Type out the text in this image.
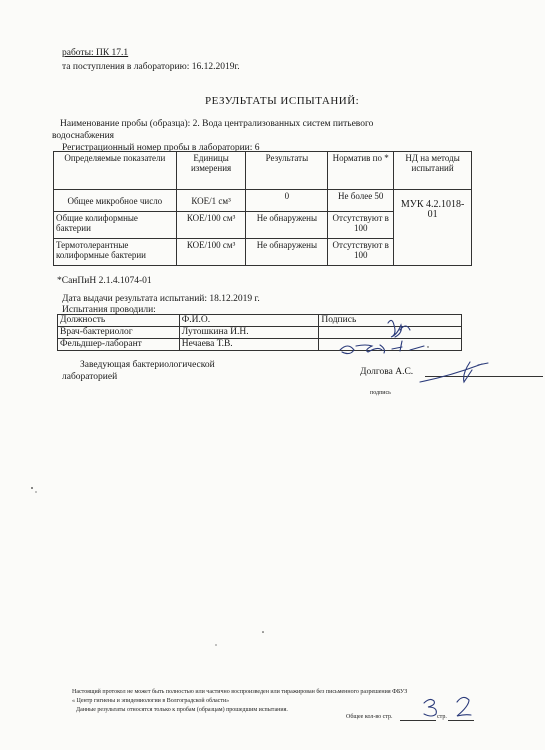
работы: ПК 17.1
та поступления в лабораторию: 16.12.2019г.
РЕЗУЛЬТАТЫ ИСПЫТАНИЙ:
Наименование пробы (образца): 2. Вода централизованных систем питьевого
водоснабжения
Регистрационный номер пробы в лаборатории: 6
Определяемые показатели	Единицы измерения	Результаты	Норматив по *	НД на методы испытаний
Общее микробное число	КОЕ/1 см³	0	Не более 50	МУК 4.2.1018-01
Общие колиформные бактерии	КОЕ/100 см³	Не обнаружены	Отсутствуют в 100	
Термотолерантные колиформные бактерии	КОЕ/100 см³	Не обнаружены	Отсутствуют в 100	
*СанПиН 2.1.4.1074-01
Дата выдачи результата испытаний: 18.12.2019 г.
Испытания проводили:
Должность	Ф.И.О.	Подпись
Врач-бактериолог	Лутошкина И.Н.	
Фельдшер-лаборант	Нечаева Т.В.	
Заведующая бактериологической
лабораторией	Долгова А.С.
подпись
Настоящий протокол не может быть полностью или частично воспроизведен или тиражирован без письменного разрешения ФБУЗ
« Центр гигиены и эпидемиологии в Волгоградской области»
Данные результаты относятся только к пробам (образцам) прошедшим испытания.
Общее кол-во стр.	стр.
